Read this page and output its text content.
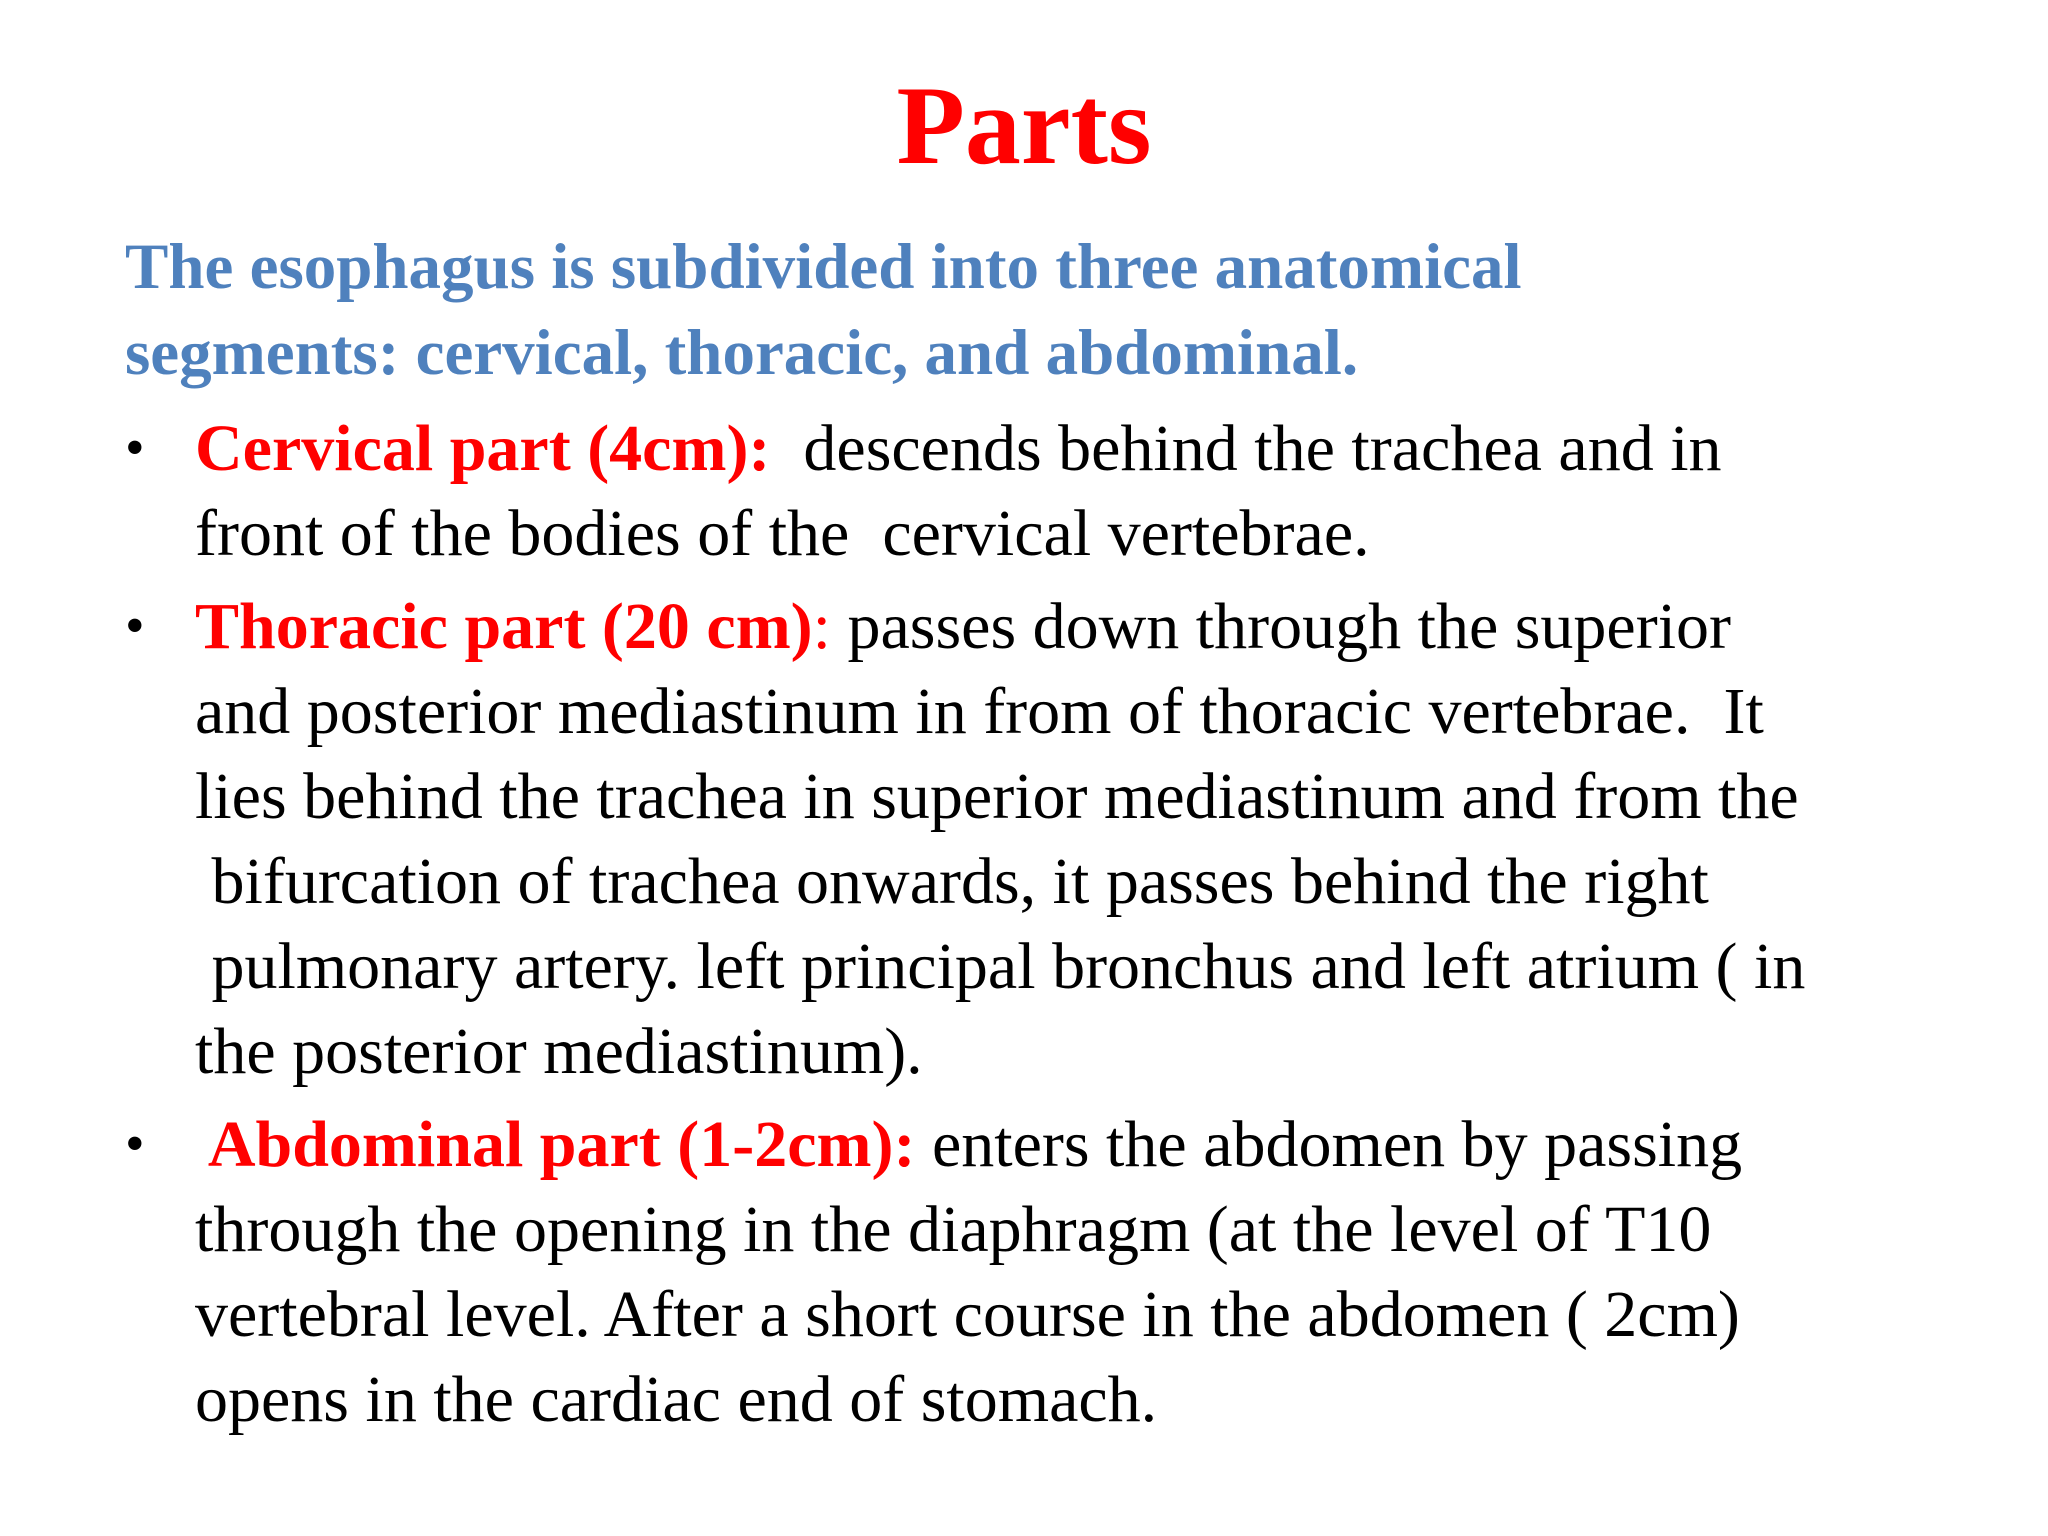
Parts
The esophagus is subdivided into three anatomical
segments: cervical, thoracic, and abdominal.
• Cervical part (4cm):  descends behind the trachea and in
front of the bodies of the  cervical vertebrae.
• Thoracic part (20 cm): passes down through the superior
and posterior mediastinum in from of thoracic vertebrae.  It
lies behind the trachea in superior mediastinum and from the
bifurcation of trachea onwards, it passes behind the right
pulmonary artery. left principal bronchus and left atrium ( in
the posterior mediastinum).
• Abdominal part (1-2cm): enters the abdomen by passing
through the opening in the diaphragm (at the level of T10
vertebral level. After a short course in the abdomen ( 2cm)
opens in the cardiac end of stomach.
